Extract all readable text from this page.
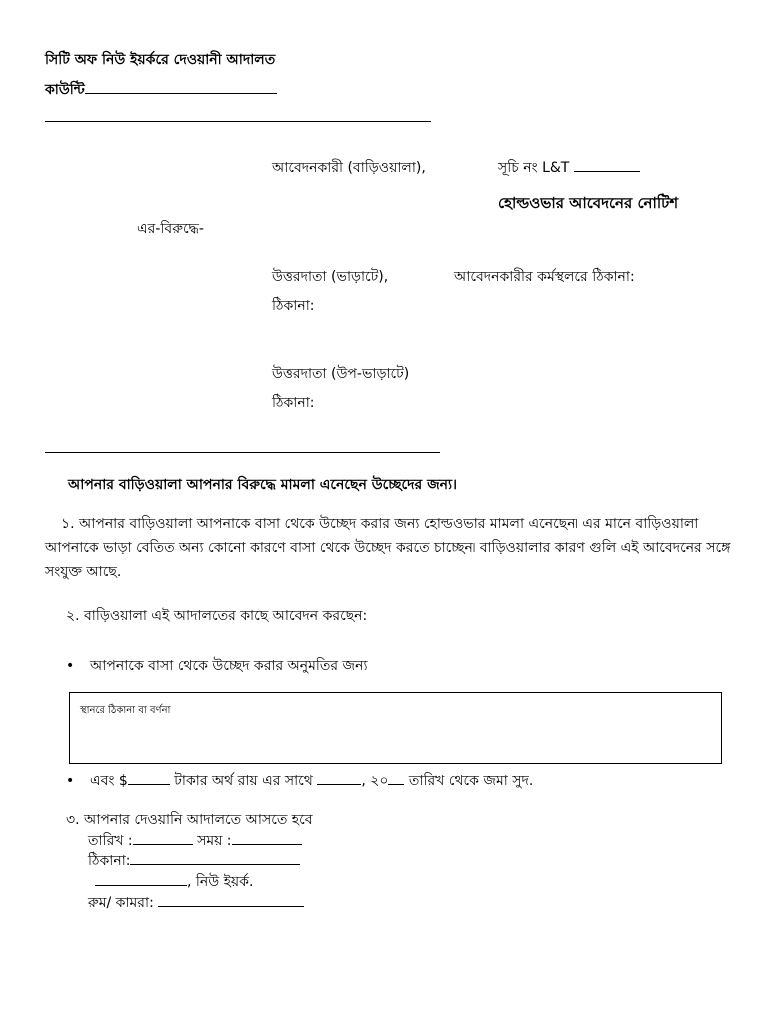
সিটি অফ নিউ ইয়র্করে দেওয়ানী আদালত
কাউন্টি
আবেদনকারী (বাড়িওয়ালা),	সূচি নং L&T
হোল্ডওভার আবেদনের নোটিশ
এর-বিরুদ্ধে-
উত্তরদাতা (ভাড়াটে),	আবেদনকারীর কর্মস্থলরে ঠিকানা:
ঠিকানা:
উত্তরদাতা (উপ-ভাড়াটে)
ঠিকানা:
আপনার বাড়িওয়ালা আপনার বিরুদ্ধে মামলা এনেছেন উচ্ছেদের জন্য।
১. আপনার বাড়িওয়ালা আপনাকে বাসা থেকে উচ্ছেদ করার জন্য হোল্ডওভার মামলা এনেছেন৷ এর মানে বাড়িওয়ালা আপনাকে ভাড়া বেতিত অন্য কোনো কারণে বাসা থেকে উচ্ছেদ করতে চাচ্ছেন৷ বাড়িওয়ালার কারণ গুলি এই আবেদনের সঙ্গে সংযুক্ত আছে.
২. বাড়িওয়ালা এই আদালতের কাছে আবেদন করছেন:
• আপনাকে বাসা থেকে উচ্ছেদ করার অনুমতির জন্য
স্থানরে ঠিকানা বা বর্ণনা
• এবং $	টাকার অর্থ রায় এর সাথে	, ২০ তারিখ থেকে জমা সুদ.
৩. আপনার দেওয়ানি আদালতে আসতে হবে
তারিখ :	সময় :
ঠিকানা:
, নিউ ইয়র্ক.
রুম/ কামরা:
